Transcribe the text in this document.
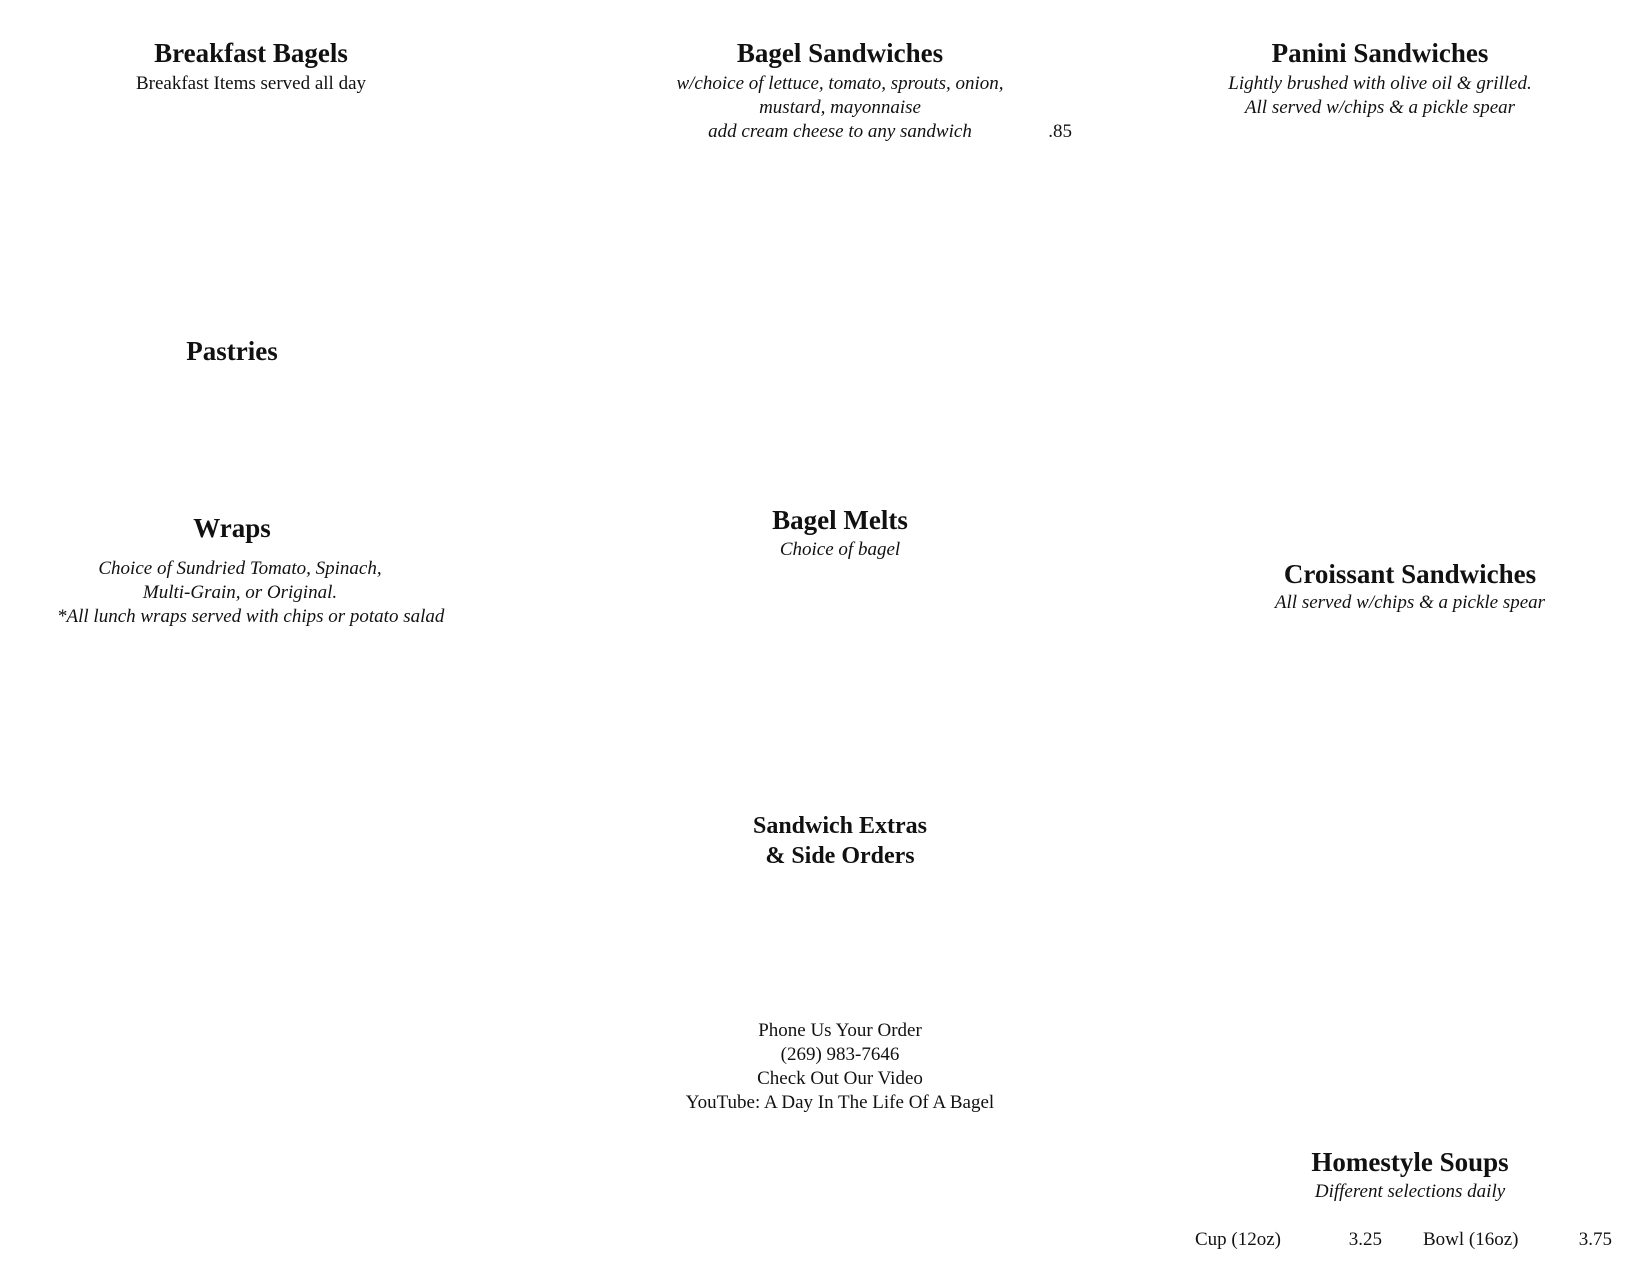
Breakfast Bagels
Breakfast Items served all day
Pastries
Wraps
Choice of Sundried Tomato, Spinach,
Multi-Grain, or Original.
*All lunch wraps served with chips or potato salad
Bagel Sandwiches
w/choice of lettuce, tomato, sprouts, onion,
mustard, mayonnaise
add cream cheese to any sandwich	.85
Bagel Melts
Choice of bagel
Sandwich Extras
& Side Orders
Phone Us Your Order
(269) 983-7646
Check Out Our Video
YouTube: A Day In The Life Of A Bagel
Panini Sandwiches
Lightly brushed with olive oil & grilled.
All served w/chips & a pickle spear
Croissant Sandwiches
All served w/chips & a pickle spear
Homestyle Soups
Different selections daily
Cup (12oz)	3.25 Bowl (16oz)	3.75
